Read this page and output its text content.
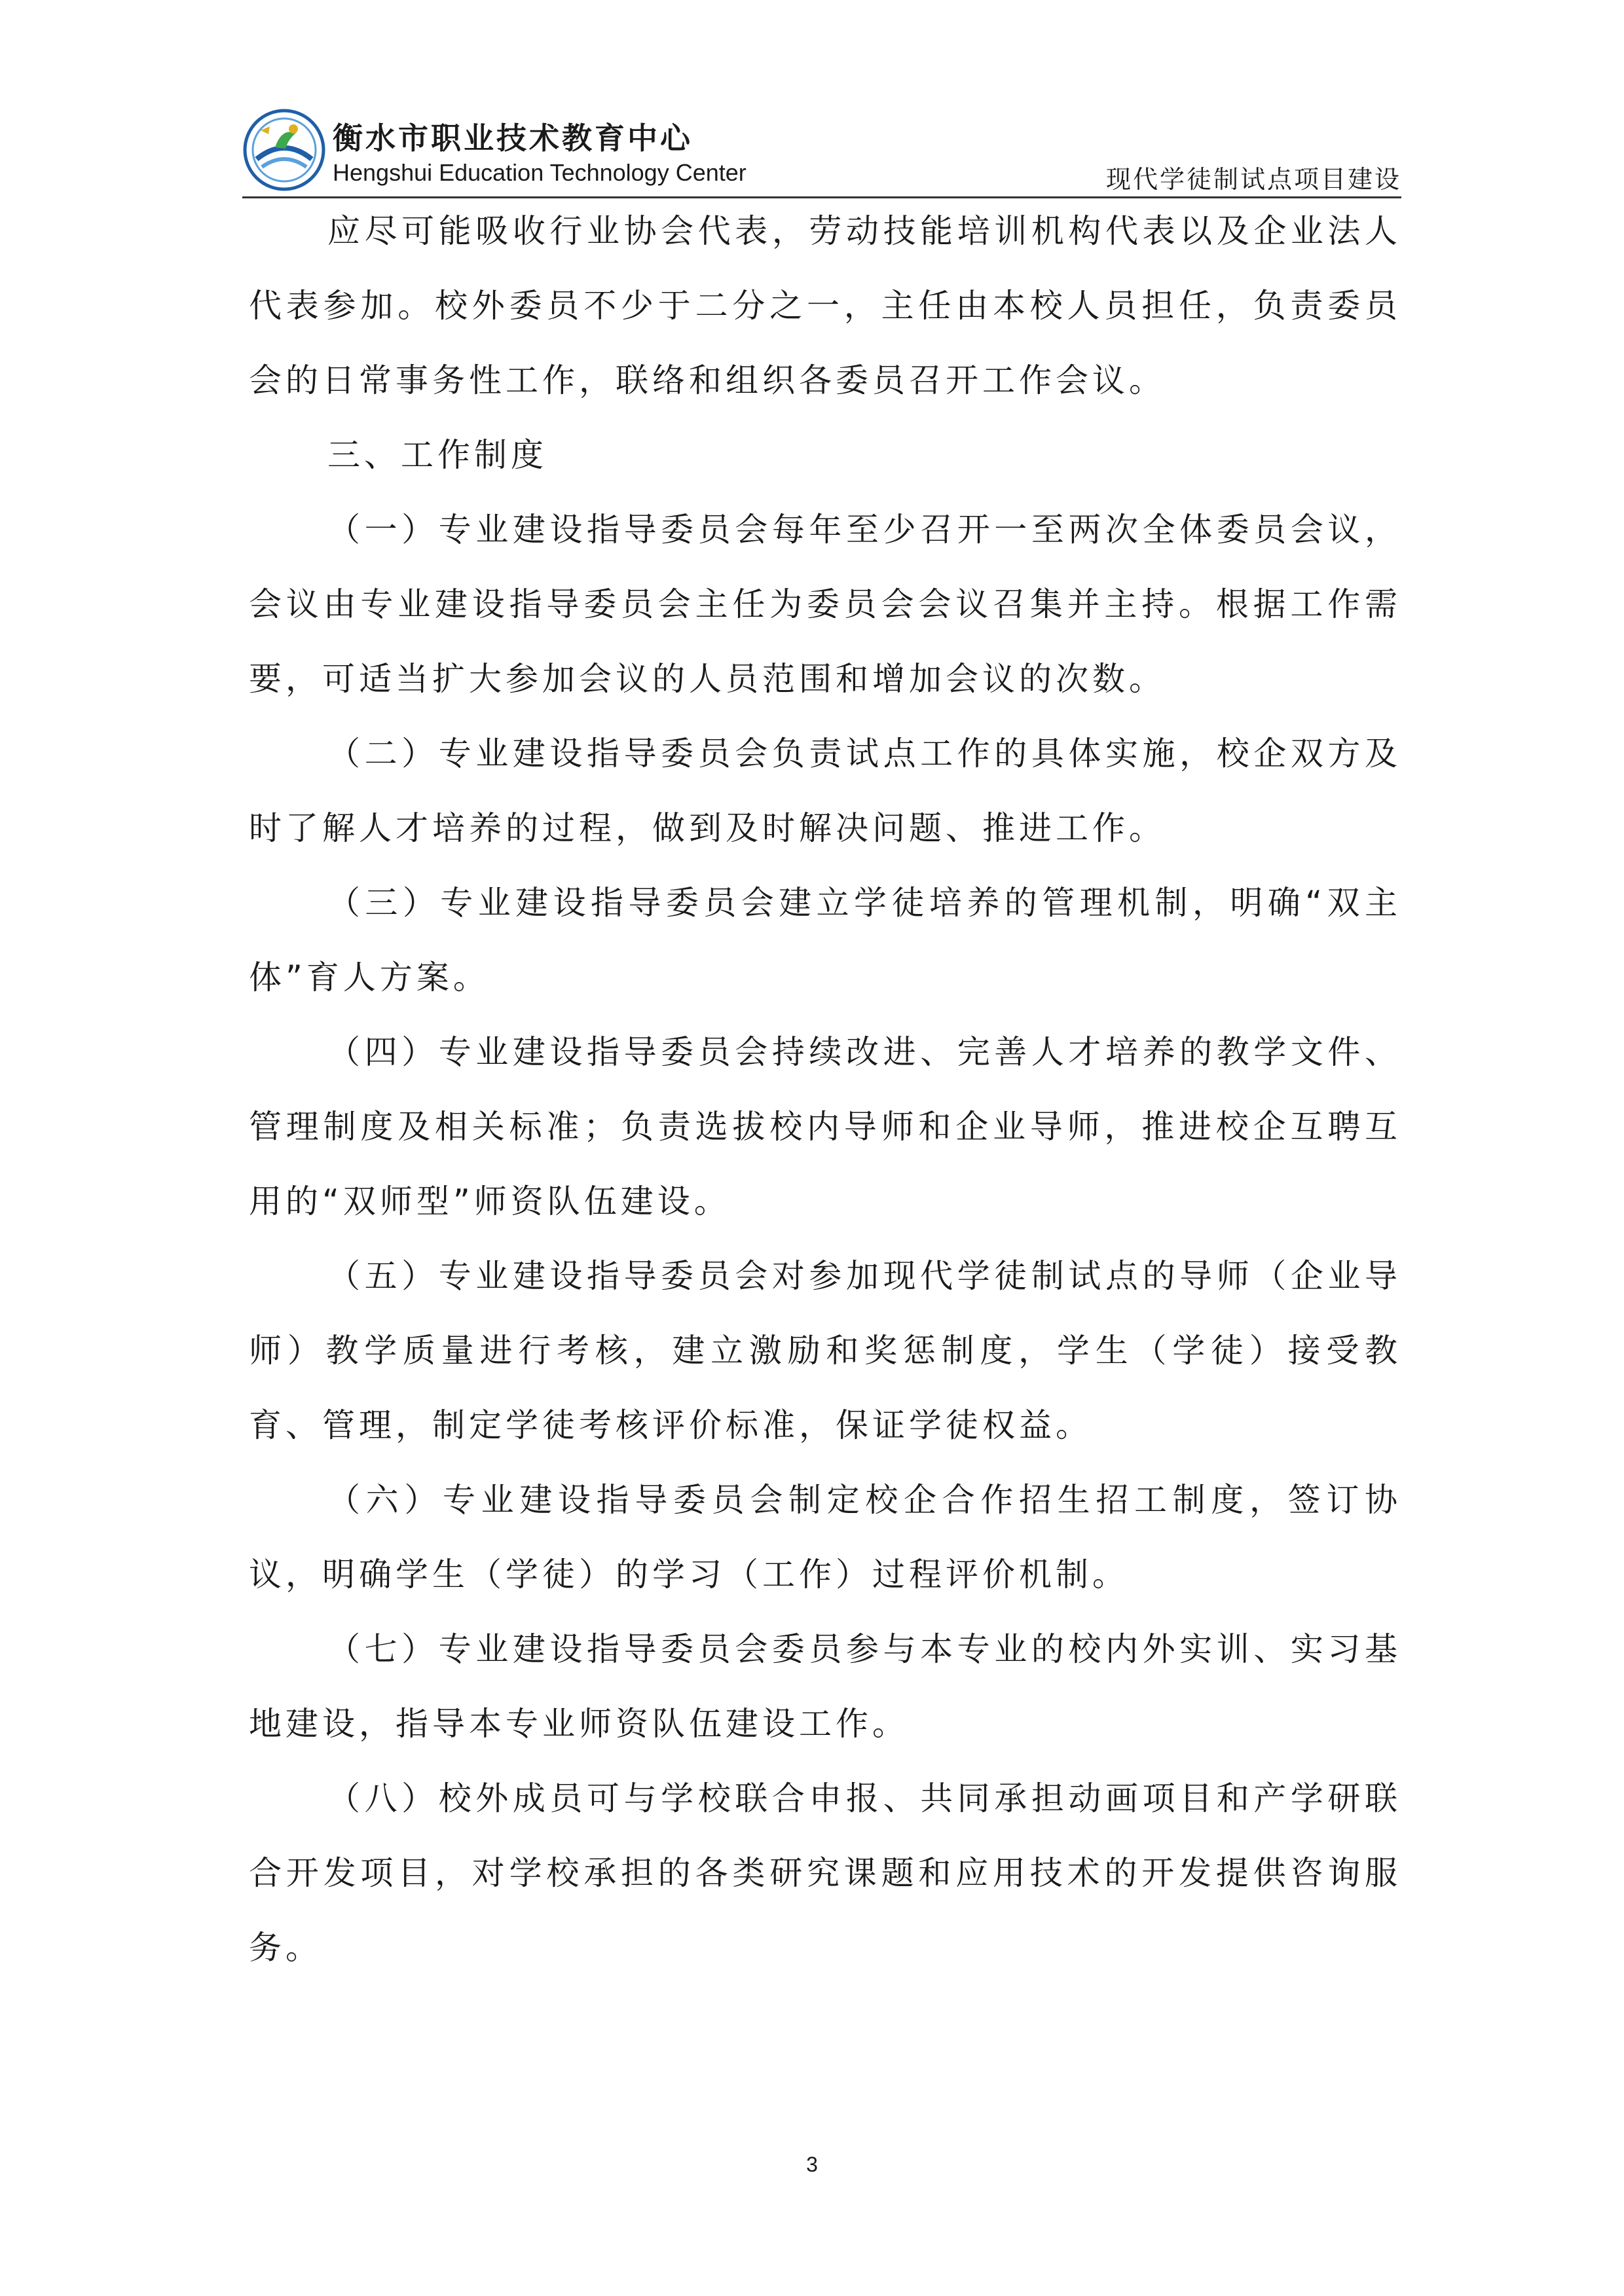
衡水市职业技术教育中心
Hengshui Education Technology Center	现代学徒制试点项目建设

应尽可能吸收行业协会代表，劳动技能培训机构代表以及企业法人代表参加。校外委员不少于二分之一，主任由本校人员担任，负责委员会的日常事务性工作，联络和组织各委员召开工作会议。

三、工作制度

（一）专业建设指导委员会每年至少召开一至两次全体委员会议，会议由专业建设指导委员会主任为委员会会议召集并主持。根据工作需要，可适当扩大参加会议的人员范围和增加会议的次数。

（二）专业建设指导委员会负责试点工作的具体实施，校企双方及时了解人才培养的过程，做到及时解决问题、推进工作。

（三）专业建设指导委员会建立学徒培养的管理机制，明确“双主体”育人方案。

（四）专业建设指导委员会持续改进、完善人才培养的教学文件、管理制度及相关标准；负责选拔校内导师和企业导师，推进校企互聘互用的“双师型”师资队伍建设。

（五）专业建设指导委员会对参加现代学徒制试点的导师（企业导师）教学质量进行考核，建立激励和奖惩制度，学生（学徒）接受教育、管理，制定学徒考核评价标准，保证学徒权益。

（六）专业建设指导委员会制定校企合作招生招工制度，签订协议，明确学生（学徒）的学习（工作）过程评价机制。

（七）专业建设指导委员会委员参与本专业的校内外实训、实习基地建设，指导本专业师资队伍建设工作。

（八）校外成员可与学校联合申报、共同承担动画项目和产学研联合开发项目，对学校承担的各类研究课题和应用技术的开发提供咨询服务。

3
